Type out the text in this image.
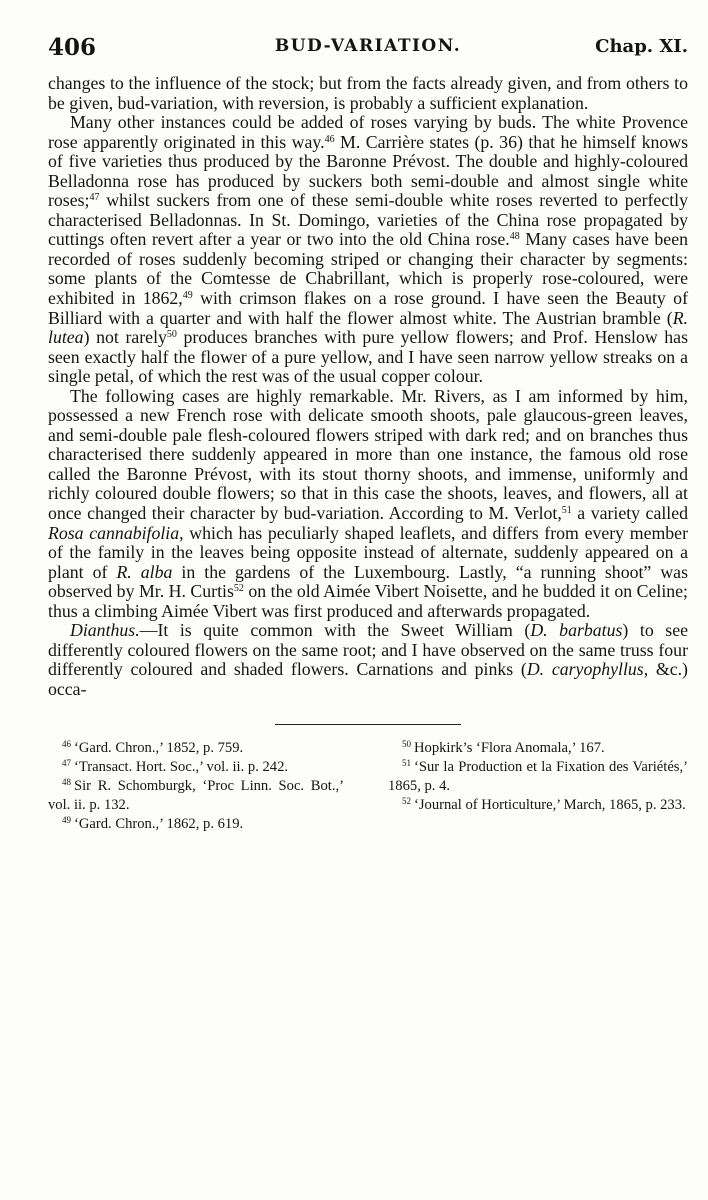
406	BUD-VARIATION.	Chap. XI.

changes to the influence of the stock; but from the facts already given, and from others to be given, bud-variation, with reversion, is probably a sufficient explanation.

Many other instances could be added of roses varying by buds. The white Provence rose apparently originated in this way.$^{46}$ M. Carrière states (p. 36) that he himself knows of five varieties thus produced by the Baronne Prévost. The double and highly-coloured Belladonna rose has produced by suckers both semi-double and almost single white roses;$^{47}$ whilst suckers from one of these semi-double white roses reverted to perfectly characterised Belladonnas. In St. Domingo, varieties of the China rose propagated by cuttings often revert after a year or two into the old China rose.$^{48}$ Many cases have been recorded of roses suddenly becoming striped or changing their character by segments: some plants of the Comtesse de Chabrillant, which is properly rose-coloured, were exhibited in 1862,49 with crimson flakes on a rose ground. I have seen the Beauty of Billiard with a quarter and with half the flower almost white. The Austrian bramble (R. lutea) not rarely$^{50}$ produces branches with pure yellow flowers; and Prof. Henslow has seen exactly half the flower of a pure yellow, and I have seen narrow yellow streaks on a single petal, of which the rest was of the usual copper colour.

The following cases are highly remarkable. Mr. Rivers, as I am informed by him, possessed a new French rose with delicate smooth shoots, pale glaucous-green leaves, and semi-double pale flesh-coloured flowers striped with dark red; and on branches thus characterised there suddenly appeared in more than one instance, the famous old rose called the Baronne Prévost, with its stout thorny shoots, and immense, uniformly and richly coloured double flowers; so that in this case the shoots, leaves, and flowers, all at once changed their character by bud-variation. According to M. Verlot,$^{51}$ a variety called Rosa cannabifolia, which has peculiarly shaped leaflets, and differs from every member of the family in the leaves being opposite instead of alternate, suddenly appeared on a plant of R. alba in the gardens of the Luxembourg. Lastly, “a running shoot” was observed by Mr. H. Curtis$^{52}$ on the old Aimée Vibert Noisette, and he budded it on Celine; thus a climbing Aimée Vibert was first produced and afterwards propagated.

Dianthus.—It is quite common with the Sweet William (D. barbatus) to see differently coloured flowers on the same root; and I have observed on the same truss four differently coloured and shaded flowers. Carnations and pinks (D. caryophyllus, &c.) occa-

$^{46}$ ‘Gard. Chron.,’ 1852, p. 759.
$^{47}$ ‘Transact. Hort. Soc.,’ vol. ii. p. 242.
$^{48}$ Sir R. Schomburgk, ‘Proc Linn. Soc. Bot.,’ vol. ii. p. 132.
$^{49}$ ‘Gard. Chron.,’ 1862, p. 619.
$^{50}$ Hopkirk’s ‘Flora Anomala,’ 167.
$^{51}$ ‘Sur la Production et la Fixation des Variétés,’ 1865, p. 4.
$^{52}$ ‘Journal of Horticulture,’ March, 1865, p. 233.
